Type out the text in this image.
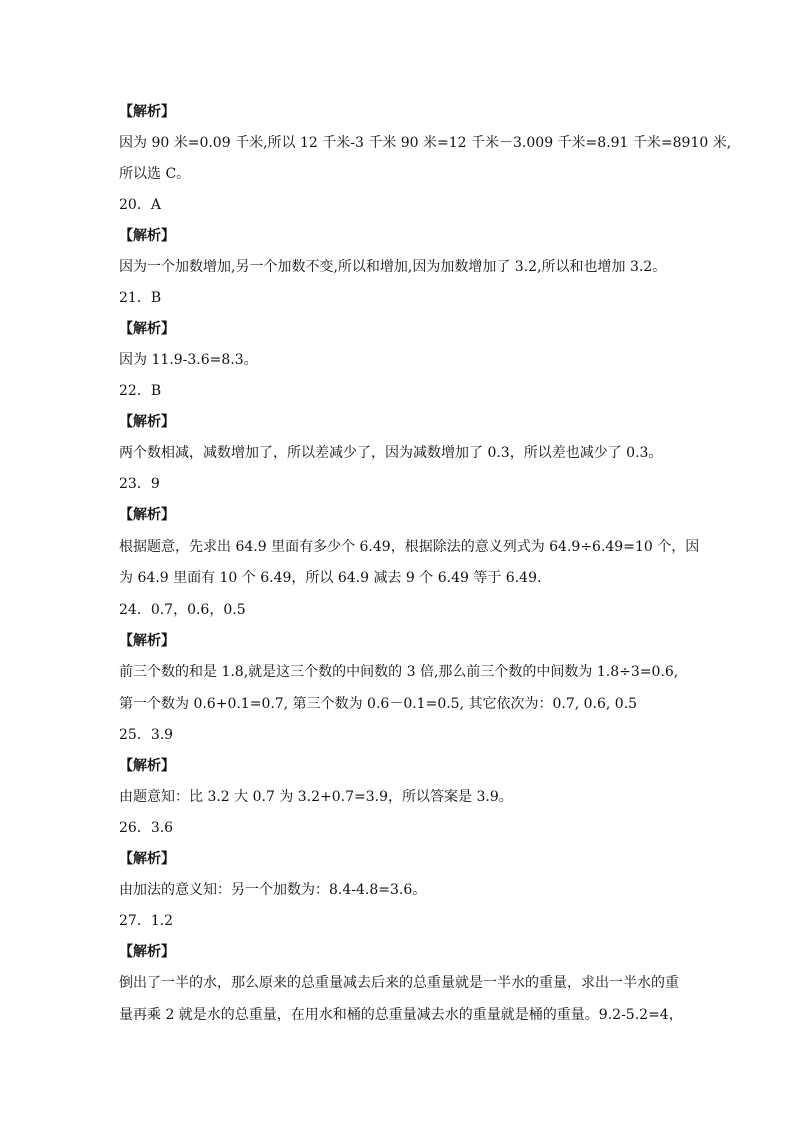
【解析】
因为 90 米=0.09 千米,所以 12 千米-3 千米 90 米=12 千米－3.009 千米=8.91 千米=8910 米,
所以选 C。
20．A
【解析】
因为一个加数增加,另一个加数不变,所以和增加,因为加数增加了 3.2,所以和也增加 3.2。
21．B
【解析】
因为 11.9-3.6=8.3。
22．B
【解析】
两个数相减，减数增加了，所以差减少了，因为减数增加了 0.3，所以差也减少了 0.3。
23．9
【解析】
根据题意，先求出 64.9 里面有多少个 6.49，根据除法的意义列式为 64.9÷6.49=10 个，因
为 64.9 里面有 10 个 6.49，所以 64.9 减去 9 个 6.49 等于 6.49.
24．0.7，0.6，0.5
【解析】
前三个数的和是 1.8,就是这三个数的中间数的 3 倍,那么前三个数的中间数为 1.8÷3=0.6,
第一个数为 0.6+0.1=0.7, 第三个数为 0.6－0.1=0.5, 其它依次为：0.7, 0.6, 0.5
25．3.9
【解析】
由题意知：比 3.2 大 0.7 为 3.2+0.7=3.9，所以答案是 3.9。
26．3.6
【解析】
由加法的意义知：另一个加数为：8.4-4.8=3.6。
27．1.2
【解析】
倒出了一半的水，那么原来的总重量减去后来的总重量就是一半水的重量，求出一半水的重
量再乘 2 就是水的总重量，在用水和桶的总重量减去水的重量就是桶的重量。9.2-5.2=4，
